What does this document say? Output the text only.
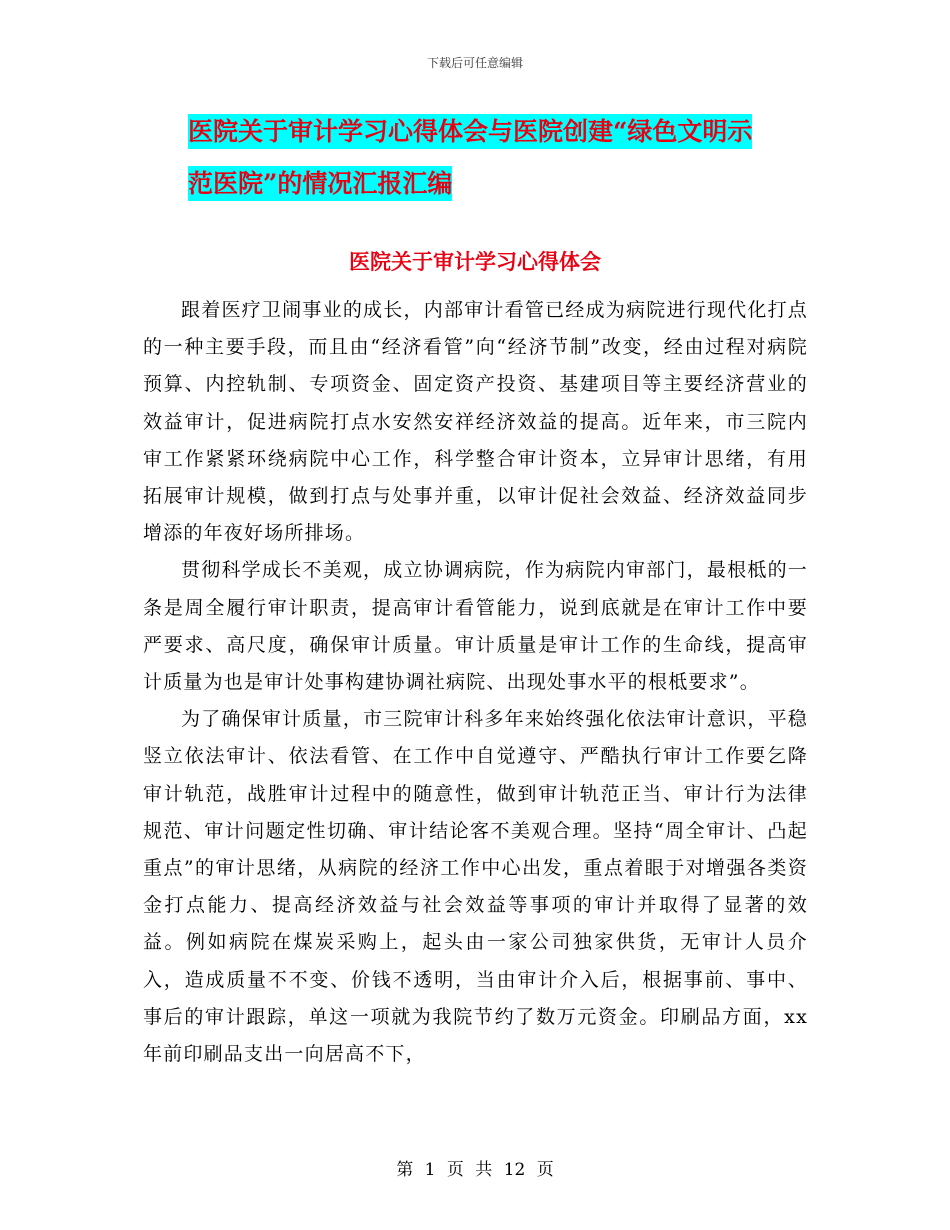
下载后可任意编辑
医院关于审计学习心得体会与医院创建“绿色文明示
范医院”的情况汇报汇编
医院关于审计学习心得体会

跟着医疗卫闹事业的成长，内部审计看管已经成为病院进行现代化打点的一种主要手段，而且由“经济看管”向“经济节制”改变，经由过程对病院预算、内控轨制、专项资金、固定资产投资、基建项目等主要经济营业的效益审计，促进病院打点水安然安祥经济效益的提高。近年来，市三院内审工作紧紧环绕病院中心工作，科学整合审计资本，立异审计思绪，有用拓展审计规模，做到打点与处事并重，以审计促社会效益、经济效益同步增添的年夜好场所排场。

贯彻科学成长不美观，成立协调病院，作为病院内审部门，最根柢的一条是周全履行审计职责，提高审计看管能力，说到底就是在审计工作中要严要求、高尺度，确保审计质量。审计质量是审计工作的生命线，提高审计质量为也是审计处事构建协调社病院、出现处事水平的根柢要求”。

为了确保审计质量，市三院审计科多年来始终强化依法审计意识，平稳竖立依法审计、依法看管、在工作中自觉遵守、严酷执行审计工作要乞降审计轨范，战胜审计过程中的随意性，做到审计轨范正当、审计行为法律规范、审计问题定性切确、审计结论客不美观合理。坚持“周全审计、凸起重点”的审计思绪，从病院的经济工作中心出发，重点着眼于对增强各类资金打点能力、提高经济效益与社会效益等事项的审计并取得了显著的效益。例如病院在煤炭采购上，起头由一家公司独家供货，无审计人员介入，造成质量不不变、价钱不透明，当由审计介入后，根据事前、事中、事后的审计跟踪，单这一项就为我院节约了数万元资金。印刷品方面，xx年前印刷品支出一向居高不下，

第 1 页 共 12 页
